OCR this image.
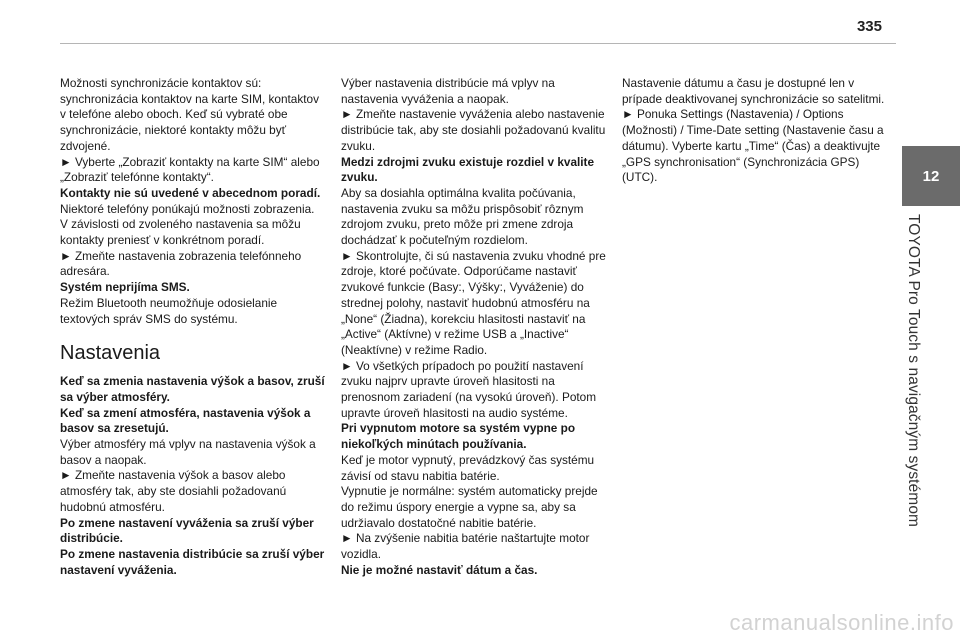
335
12
TOYOTA Pro Touch s navigačným systémom

Možnosti synchronizácie kontaktov sú: synchronizácia kontaktov na karte SIM, kontaktov v telefóne alebo oboch. Keď sú vybraté obe synchronizácie, niektoré kontakty môžu byť zdvojené.

► Vyberte „Zobraziť kontakty na karte SIM“ alebo „Zobraziť telefónne kontakty“.

Kontakty nie sú uvedené v abecednom poradí.

Niektoré telefóny ponúkajú možnosti zobrazenia. V závislosti od zvoleného nastavenia sa môžu kontakty preniesť v konkrétnom poradí.

► Zmeňte nastavenia zobrazenia telefónneho adresára.

Systém neprijíma SMS.

Režim Bluetooth neumožňuje odosielanie textových správ SMS do systému.

Nastavenia

Keď sa zmenia nastavenia výšok a basov, zruší sa výber atmosféry.

Keď sa zmení atmosféra, nastavenia výšok a basov sa zresetujú.

Výber atmosféry má vplyv na nastavenia výšok a basov a naopak.

► Zmeňte nastavenia výšok a basov alebo atmosféry tak, aby ste dosiahli požadovanú hudobnú atmosféru.

Po zmene nastavení vyváženia sa zruší výber distribúcie.

Po zmene nastavenia distribúcie sa zruší výber nastavení vyváženia.

Výber nastavenia distribúcie má vplyv na nastavenia vyváženia a naopak.

► Zmeňte nastavenie vyváženia alebo nastavenie distribúcie tak, aby ste dosiahli požadovanú kvalitu zvuku.

Medzi zdrojmi zvuku existuje rozdiel v kvalite zvuku.

Aby sa dosiahla optimálna kvalita počúvania, nastavenia zvuku sa môžu prispôsobiť rôznym zdrojom zvuku, preto môže pri zmene zdroja dochádzať k počuteľným rozdielom.

► Skontrolujte, či sú nastavenia zvuku vhodné pre zdroje, ktoré počúvate. Odporúčame nastaviť zvukové funkcie (Basy:, Výšky:, Vyváženie) do strednej polohy, nastaviť hudobnú atmosféru na „None“ (Žiadna), korekciu hlasitosti nastaviť na „Active“ (Aktívne) v režime USB a „Inactive“ (Neaktívne) v režime Radio.

► Vo všetkých prípadoch po použití nastavení zvuku najprv upravte úroveň hlasitosti na prenosnom zariadení (na vysokú úroveň). Potom upravte úroveň hlasitosti na audio systéme.

Pri vypnutom motore sa systém vypne po niekoľkých minútach používania.

Keď je motor vypnutý, prevádzkový čas systému závisí od stavu nabitia batérie.

Vypnutie je normálne: systém automaticky prejde do režimu úspory energie a vypne sa, aby sa udržiavalo dostatočné nabitie batérie.

► Na zvýšenie nabitia batérie naštartujte motor vozidla.

Nie je možné nastaviť dátum a čas.

Nastavenie dátumu a času je dostupné len v prípade deaktivovanej synchronizácie so satelitmi.

► Ponuka Settings (Nastavenia) / Options (Možnosti) / Time-Date setting (Nastavenie času a dátumu). Vyberte kartu „Time“ (Čas) a deaktivujte „GPS synchronisation“ (Synchronizácia GPS) (UTC).

carmanualsonline.info
